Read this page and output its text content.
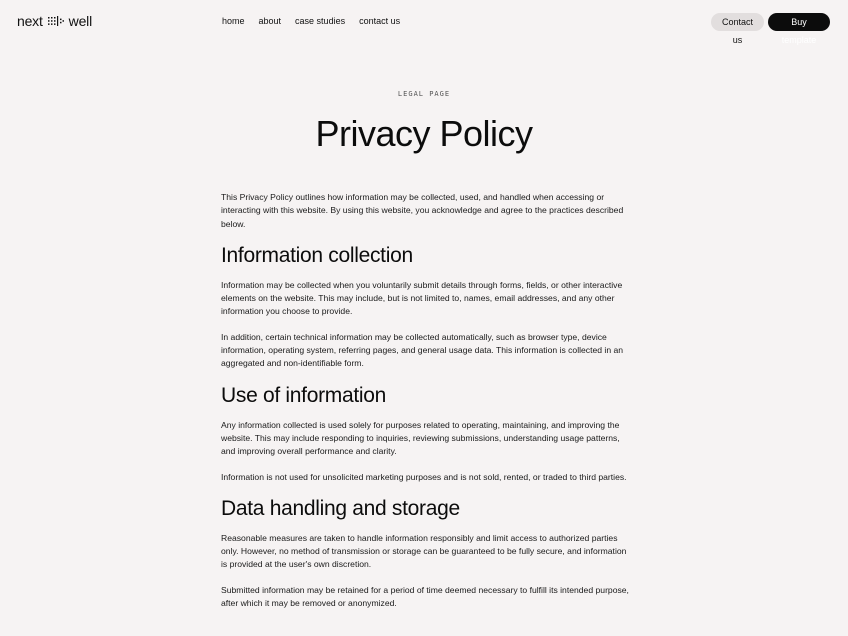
next well	home about case studies contact us	Contact us
Buy template
LEGAL PAGE
Privacy Policy

This Privacy Policy outlines how information may be collected, used, and handled when accessing or interacting with this website. By using this website, you acknowledge and agree to the practices described below.

Information collection

Information may be collected when you voluntarily submit details through forms, fields, or other interactive elements on the website. This may include, but is not limited to, names, email addresses, and any other information you choose to provide.

In addition, certain technical information may be collected automatically, such as browser type, device information, operating system, referring pages, and general usage data. This information is collected in an aggregated and non-identifiable form.

Use of information

Any information collected is used solely for purposes related to operating, maintaining, and improving the website. This may include responding to inquiries, reviewing submissions, understanding usage patterns, and improving overall performance and clarity.

Information is not used for unsolicited marketing purposes and is not sold, rented, or traded to third parties.

Data handling and storage

Reasonable measures are taken to handle information responsibly and limit access to authorized parties only. However, no method of transmission or storage can be guaranteed to be fully secure, and information is provided at the user's own discretion.

Submitted information may be retained for a period of time deemed necessary to fulfill its intended purpose, after which it may be removed or anonymized.
